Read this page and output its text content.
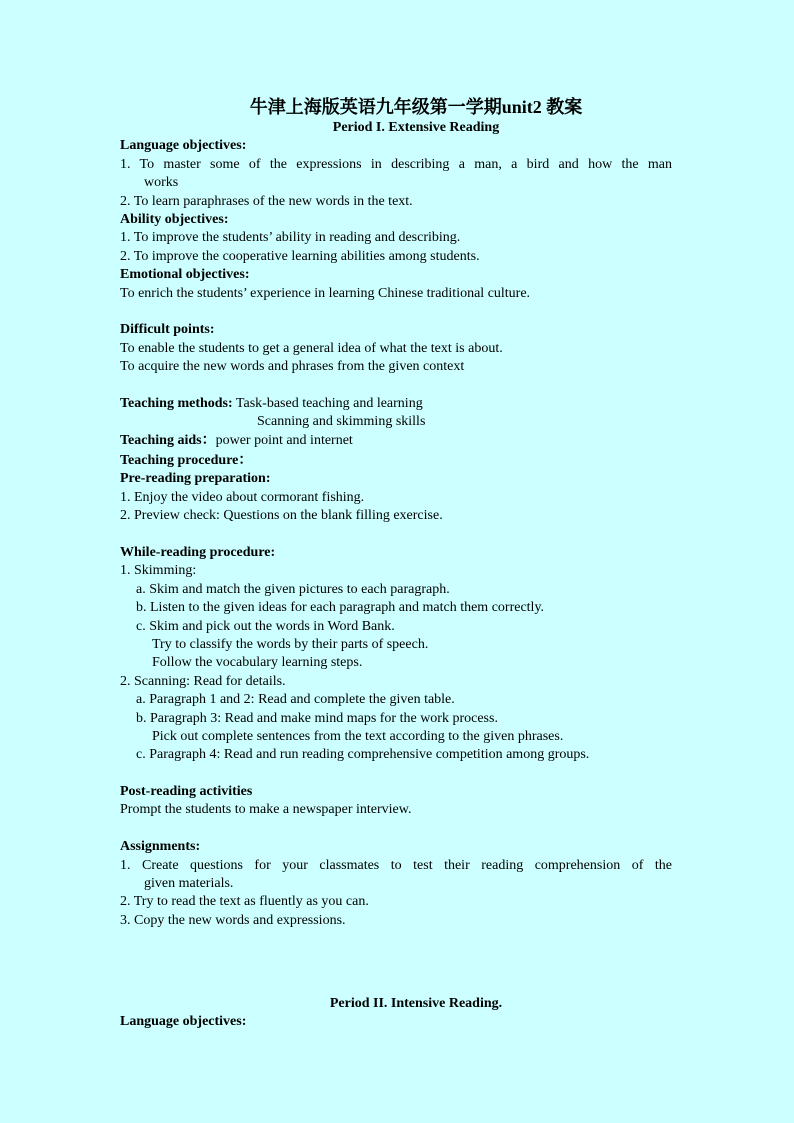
牛津上海版英语九年级第一学期unit2 教案
Period I. Extensive Reading
Language objectives:
1. To master some of the expressions in describing a man, a bird and how the man
works
2. To learn paraphrases of the new words in the text.
Ability objectives:
1. To improve the students’ ability in reading and describing.
2. To improve the cooperative learning abilities among students.
Emotional objectives:
To enrich the students’ experience in learning Chinese traditional culture.
Difficult points:
To enable the students to get a general idea of what the text is about.
To acquire the new words and phrases from the given context
Teaching methods: Task-based teaching and learning
Scanning and skimming skills
Teaching aids：power point and internet
Teaching procedure：
Pre-reading preparation:
1. Enjoy the video about cormorant fishing.
2. Preview check: Questions on the blank filling exercise.
While-reading procedure:
1. Skimming:
a. Skim and match the given pictures to each paragraph.
b. Listen to the given ideas for each paragraph and match them correctly.
c. Skim and pick out the words in Word Bank.
Try to classify the words by their parts of speech.
Follow the vocabulary learning steps.
2. Scanning: Read for details.
a. Paragraph 1 and 2: Read and complete the given table.
b. Paragraph 3: Read and make mind maps for the work process.
Pick out complete sentences from the text according to the given phrases.
c. Paragraph 4: Read and run reading comprehensive competition among groups.
Post-reading activities
Prompt the students to make a newspaper interview.
Assignments:
1. Create questions for your classmates to test their reading comprehension of the
given materials.
2. Try to read the text as fluently as you can.
3. Copy the new words and expressions.
Period II. Intensive Reading.
Language objectives:
